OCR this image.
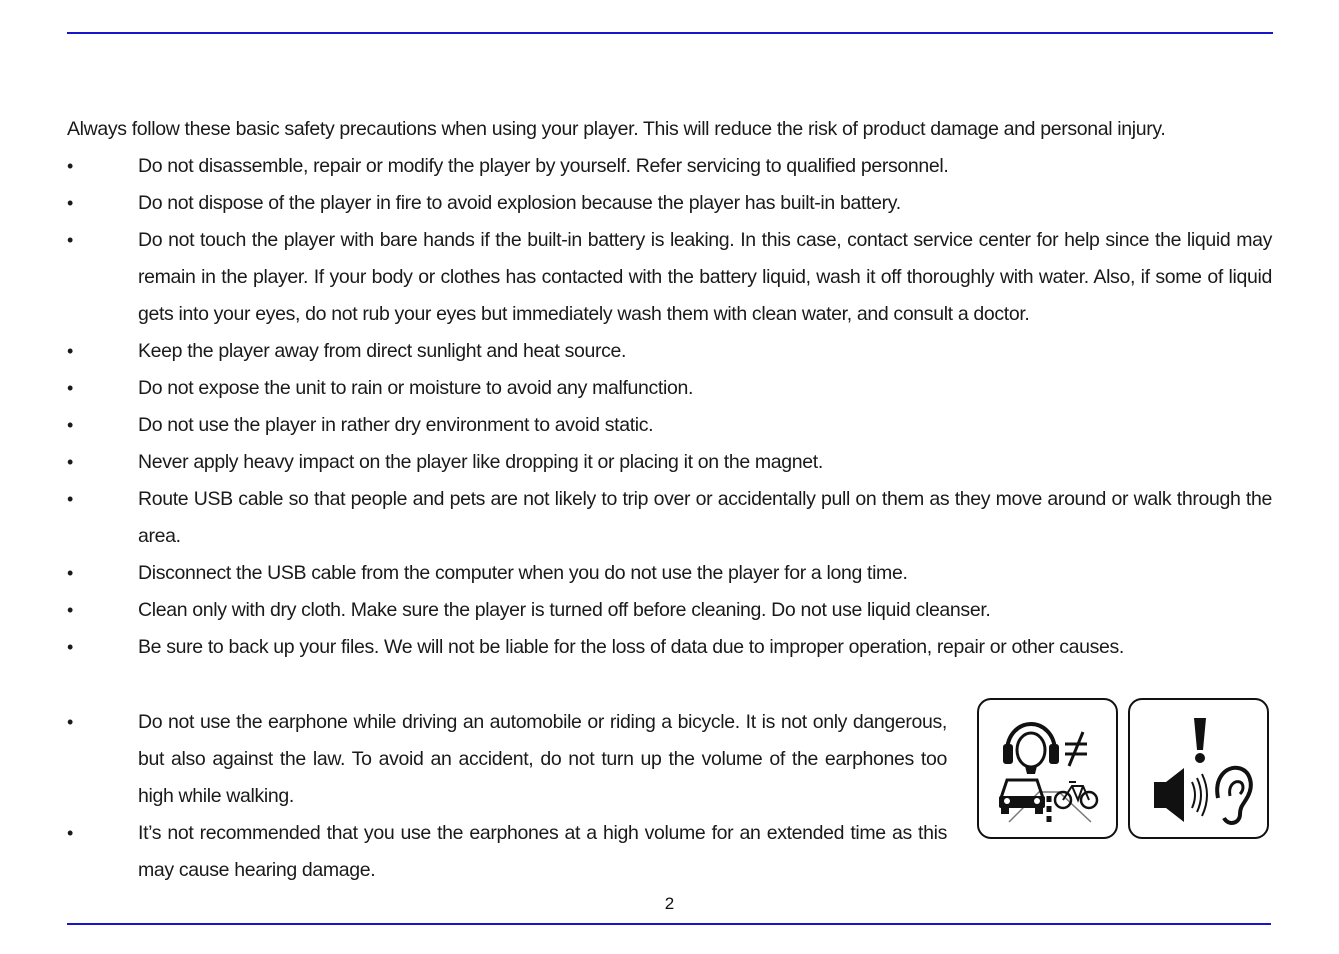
Always follow these basic safety precautions when using your player. This will reduce the risk of product damage and personal injury.
•	Do not disassemble, repair or modify the player by yourself. Refer servicing to qualified personnel.
•	Do not dispose of the player in fire to avoid explosion because the player has built-in battery.
•	Do not touch the player with bare hands if the built-in battery is leaking. In this case, contact service center for help since the liquid may remain in the player. If your body or clothes has contacted with the battery liquid, wash it off thoroughly with water. Also, if some of liquid gets into your eyes, do not rub your eyes but immediately wash them with clean water, and consult a doctor.
•	Keep the player away from direct sunlight and heat source.
•	Do not expose the unit to rain or moisture to avoid any malfunction.
•	Do not use the player in rather dry environment to avoid static.
•	Never apply heavy impact on the player like dropping it or placing it on the magnet.
•	Route USB cable so that people and pets are not likely to trip over or accidentally pull on them as they move around or walk through the area.
•	Disconnect the USB cable from the computer when you do not use the player for a long time.
•	Clean only with dry cloth. Make sure the player is turned off before cleaning. Do not use liquid cleanser.
•	Be sure to back up your files. We will not be liable for the loss of data due to improper operation, repair or other causes.
•	Do not use the earphone while driving an automobile or riding a bicycle. It is not only dangerous, but also against the law. To avoid an accident, do not turn up the volume of the earphones too high while walking.
•	It’s not recommended that you use the earphones at a high volume for an extended time as this may cause hearing damage.
2
